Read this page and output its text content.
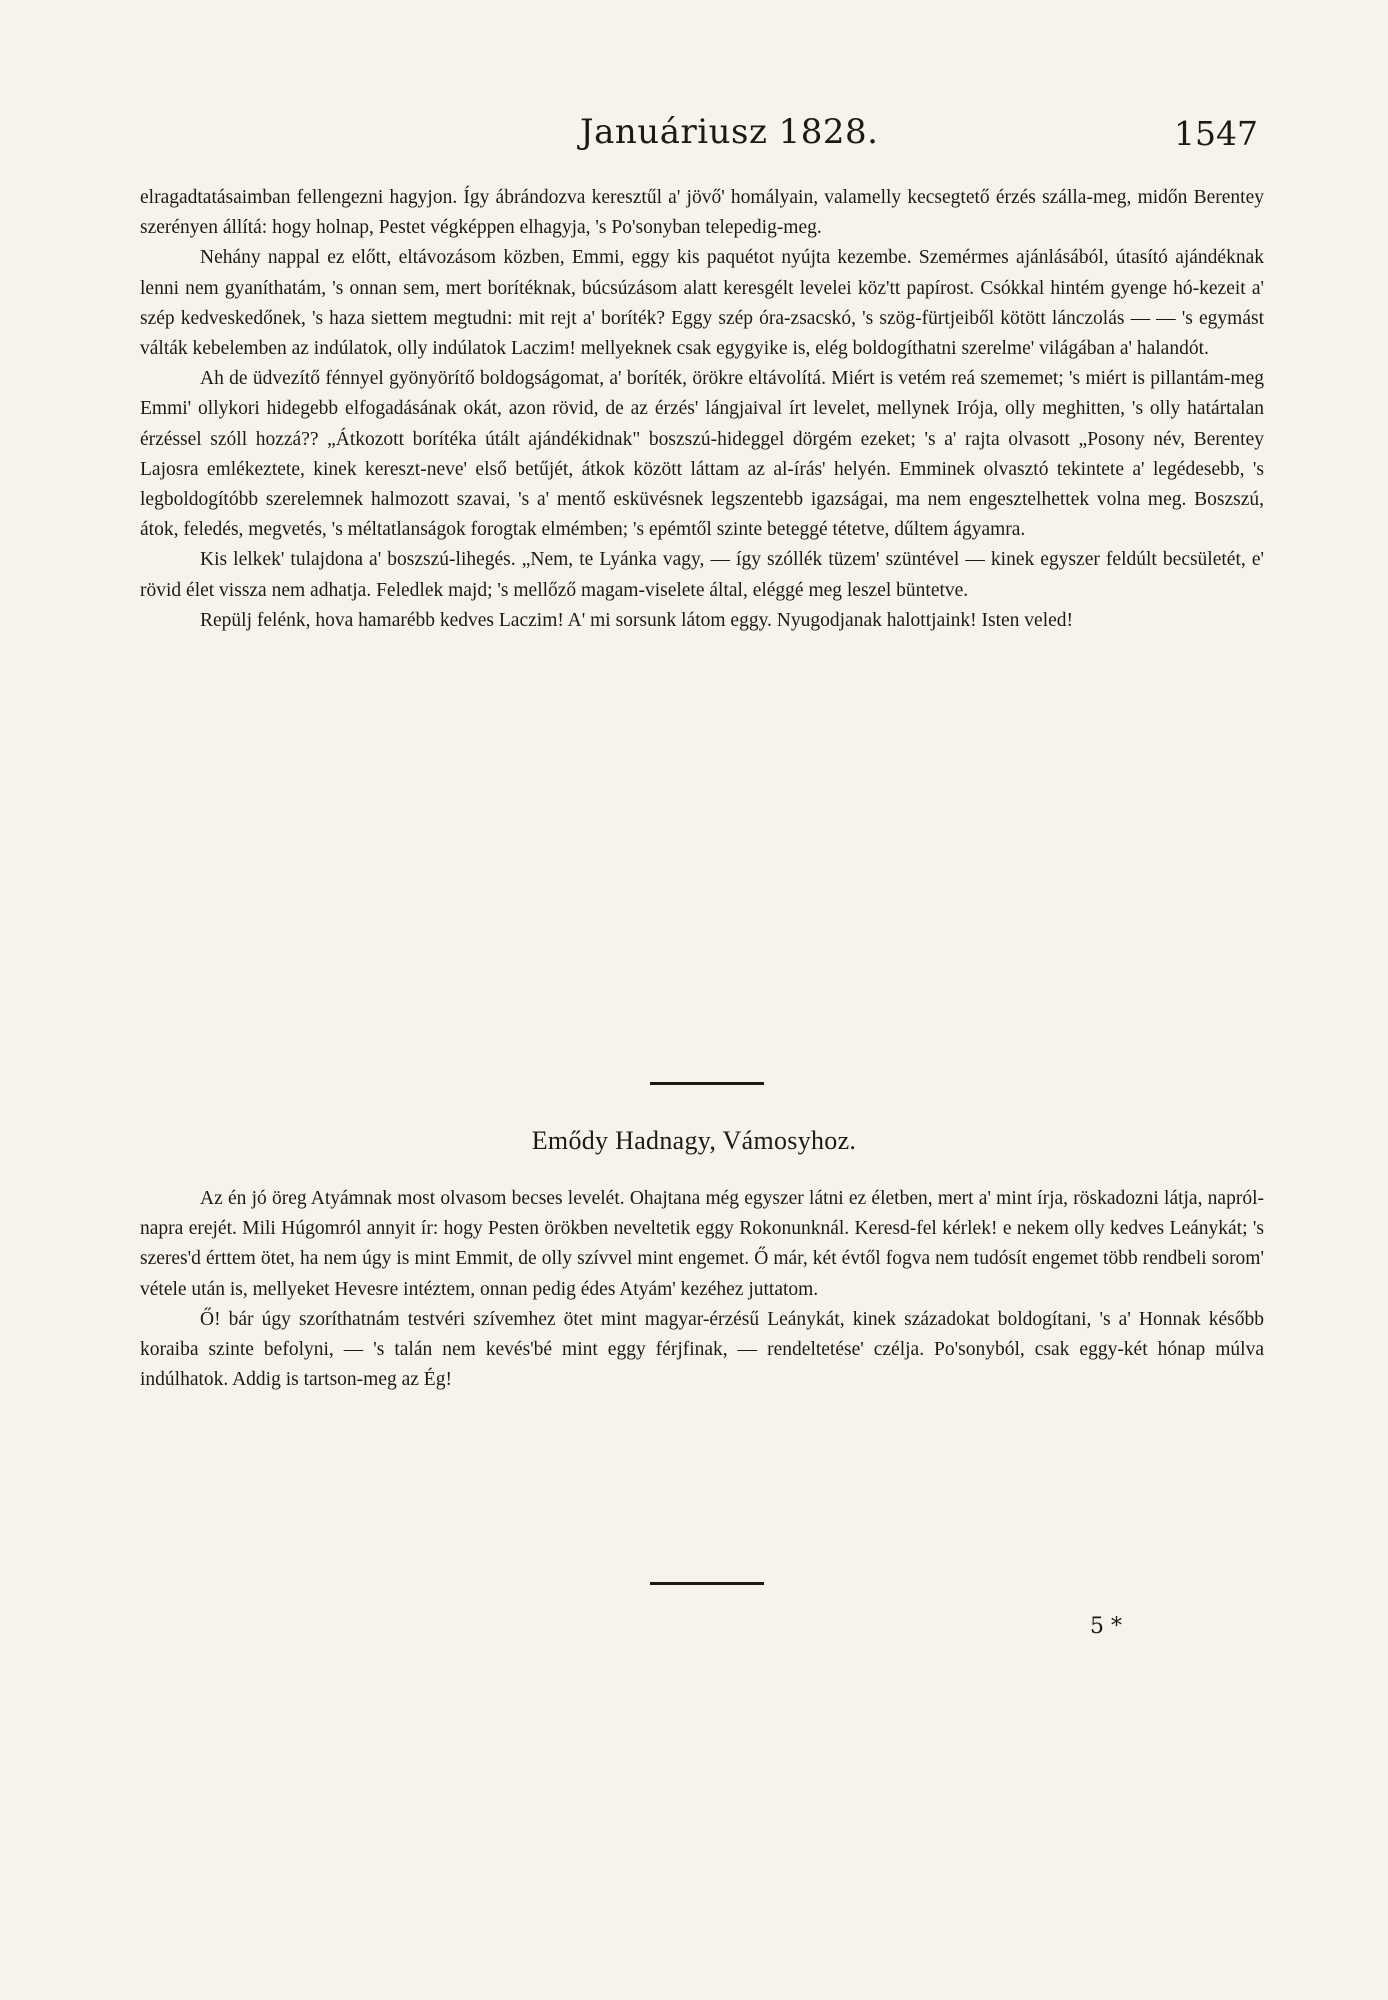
Januáriusz 1828.	1547

elragadtatásaimban fellengezni hagyjon. Így ábrándozva keresztűl a' jövő' homályain, valamelly kecsegtető érzés szálla-meg, midőn Berentey szerényen állítá: hogy holnap, Pestet végképpen elhagyja, 's Po'sonyban telepedig-meg.

Nehány nappal ez előtt, eltávozásom közben, Emmi, eggy kis paquétot nyújta kezembe. Szemérmes ajánlásából, útasító ajándéknak lenni nem gyaníthatám, 's onnan sem, mert borítéknak, búcsúzásom alatt keresgélt levelei köz'tt papírost. Csókkal hintém gyenge hó-kezeit a' szép kedveskedőnek, 's haza siettem megtudni: mit rejt a' boríték? Eggy szép óra-zsacskó, 's szög-fürtjeiből kötött lánczolás — — 's egymást válták kebelemben az indúlatok, olly indúlatok Laczim! mellyeknek csak egygyike is, elég boldogíthatni szerelme' világában a' halandót.

Ah de üdvezítő fénnyel gyönyörítő boldogságomat, a' boríték, örökre eltávolítá. Miért is vetém reá szememet; 's miért is pillantám-meg Emmi' ollykori hidegebb elfogadásának okát, azon rövid, de az érzés' lángjaival írt levelet, mellynek Irója, olly meghitten, 's olly határtalan érzéssel szóll hozzá?? „Átkozott borítéka útált ajándékidnak" boszszú-hideggel dörgém ezeket; 's a' rajta olvasott „Posony név, Berentey Lajosra emlékeztete, kinek kereszt-neve' első betűjét, átkok között láttam az al-írás' helyén. Emminek olvasztó tekintete a' legédesebb, 's legboldogítóbb szerelemnek halmozott szavai, 's a' mentő esküvésnek legszentebb igazságai, ma nem engesztelhettek volna meg. Boszszú, átok, feledés, megvetés, 's méltatlanságok forogtak elmémben; 's epémtől szinte beteggé tétetve, dűltem ágyamra.

Kis lelkek' tulajdona a' boszszú-lihegés. „Nem, te Lyánka vagy, — így szóllék tüzem' szüntével — kinek egyszer feldúlt becsületét, e' rövid élet vissza nem adhatja. Feledlek majd; 's mellőző magam-viselete által, eléggé meg leszel büntetve.

Repülj felénk, hova hamarébb kedves Laczim! A' mi sorsunk látom eggy. Nyugodjanak halottjaink! Isten veled!

Emődy Hadnagy, Vámosyhoz.

Az én jó öreg Atyámnak most olvasom becses levelét. Ohajtana még egyszer látni ez életben, mert a' mint írja, röskadozni látja, napról-napra erejét. Mili Húgomról annyit ír: hogy Pesten örökben neveltetik eggy Rokonunknál. Keresd-fel kérlek! e nekem olly kedves Leánykát; 's szeres'd érttem ötet, ha nem úgy is mint Emmit, de olly szívvel mint engemet. Ő már, két évtől fogva nem tudósít engemet több rendbeli sorom' vétele után is, mellyeket Hevesre intéztem, onnan pedig édes Atyám' kezéhez juttatom.

Ő! bár úgy szoríthatnám testvéri szívemhez ötet mint magyar-érzésű Leánykát, kinek századokat boldogítani, 's a' Honnak később koraiba szinte befolyni, — 's talán nem kevés'bé mint eggy férjfinak, — rendeltetése' czélja. Po'sonyból, csak eggy-két hónap múlva indúlhatok. Addig is tartson-meg az Ég!

5 *
